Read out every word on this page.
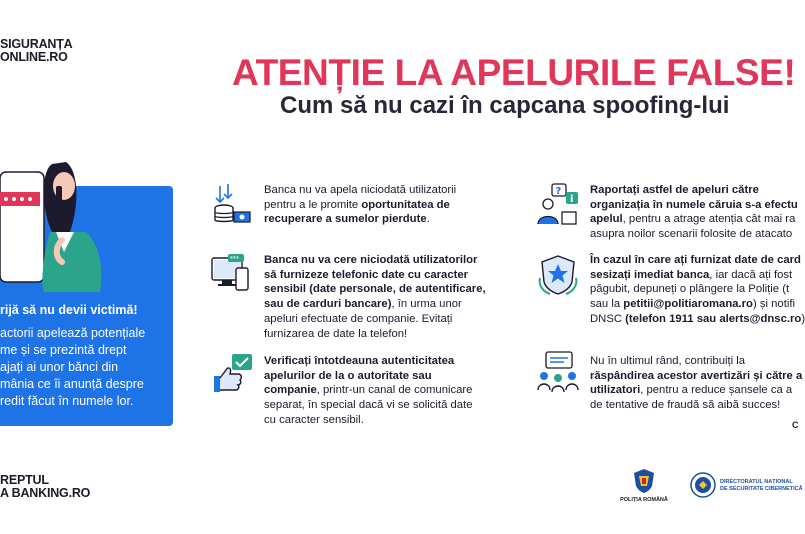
SIGURANȚA
ONLINE.RO	ATENȚIE LA APELURILE FALSE!
Cum să nu cazi în capcana spoofing-lui
rijă să nu devii victimă!
actorii apelează potențiale
me și se prezintă drept
ajați ai unor bănci din
mânia ce îi anunță despre
redit făcut în numele lor.
Banca nu va apela niciodată utilizatorii
pentru a le promite oportunitatea de
recuperare a sumelor pierdute.
*** Banca nu va cere niciodată utilizatorilor
să furnizeze telefonic date cu caracter
sensibil (date personale, de autentificare,
sau de carduri bancare), în urma unor
apeluri efectuate de companie. Evitați
furnizarea de date la telefon!
Verificați întotdeauna autenticitatea
apelurilor de la o autoritate sau
companie, printr-un canal de comunicare
separat, în special dacă vi se solicită date
cu caracter sensibil.
?
i
Raportați astfel de apeluri către
organizația în numele căruia s-a efectu
apelul, pentru a atrage atenția cât mai ra
asupra noilor scenarii folosite de atacato
În cazul în care ați furnizat date de card
sesizați imediat banca, iar dacă ați fost
păgubit, depuneți o plângere la Poliție (t
sau la petitii@politiaromana.ro) și notifi
DNSC (telefon 1911 sau alerts@dnsc.ro)
Nu în ultimul rând, contribuiți la
răspândirea acestor avertizări și către a
utilizatori, pentru a reduce șansele ca a
de tentative de fraudă să aibă succes!
C
REPTUL
A BANKING.RO	POLIȚIA ROMÂNĂ
DIRECTORATUL NAȚIONAL
DE SECURITATE CIBERNETICĂ
